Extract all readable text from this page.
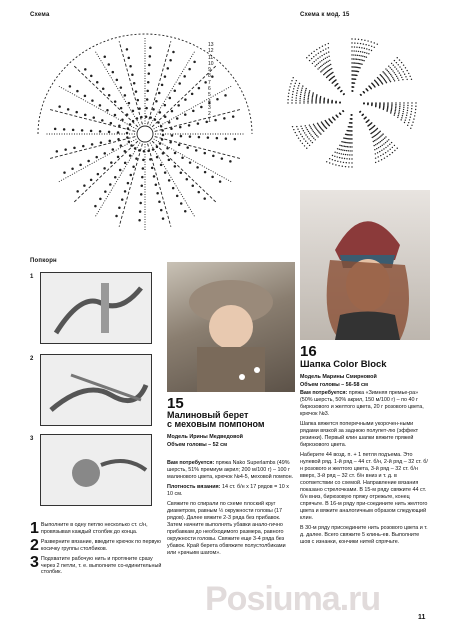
Схема	Схема к мод. 15
13
12
11
10
9
8
7
6
5
4
3
2
1
Попкорн
1
2
3
1 Выполните в одну петлю несколько ст. с/н, провязывая каждый столбик до конца.
2 Разверните вязание, введите крючок по первую косичку группы столбиков.
3 Подхватите рабочую нить и протяните сразу через 2 петли, т. е. выполните со-единительный столбик.
15
Малиновый берет
с меховым помпоном
Модель Ирины Медведовой
Объем головы – 52 см

Вам потребуется: пряжа Nako Superlambs (49% шерсть, 51% премиум акрил; 200 м/100 г) – 100 г малинового цвета, крючок №4-5, меховой помпон.

Плотность вязания: 14 ст. б/н х 17 рядов = 10 х 10 см.

Свяжите по спирали по схеме плоский круг диаметром, равным ½ окружности головы (17 рядов). Далее вяжите 2-3 ряда без прибавок. Затем начните выполнять убавки анало-гично прибавкам до необходимого размера, равного окружности головы. Свяжите еще 3-4 ряда без убавок. Край берета обвяжите полустолбиками или «рачьим шагом».

16
Шапка Color Block
Модель Марины Смирновой
Объем головы – 56-58 см

Вам потребуется: пряжа «Зимняя премье-ра» (50% шерсть, 50% акрил, 150 м/100 г) – по 40 г бирюзового и желтого цвета, 20 г розового цвета, крючок №3.

Шапка вяжется поперечными укорочен-ными рядами вязкой за заднюю полупет-лю (эффект резинки). Первый клин шапки вяжите пряжей бирюзового цвета.

Наберите 44 возд. п. + 1 петля подъема. Это нулевой ряд. 1-й ряд – 44 ст. б/н, 2-й ряд – 32 ст. б/н розового и желтого цвета, 3-й ряд – 32 ст. б/н вверх, 3-й ряд – 32 ст. б/н вниз и т. д. в соответствии со схемой. Направление вязания показано стрелочками. В 15-м ряду свяжите 44 ст. б/н вниз, бирюзовую пряжу отрежьте, конец спрячьте. В 16-м ряду при-соедините нить желтого цвета и вяжите аналогичным образом следующий клин.

В 30-м ряду присоедините нить розового цвета и т. д. далее. Всего свяжите 5 клинь-ев. Выполните шов с изнанки, кончики нитей спрячьте.

Posiuma.ru	11
